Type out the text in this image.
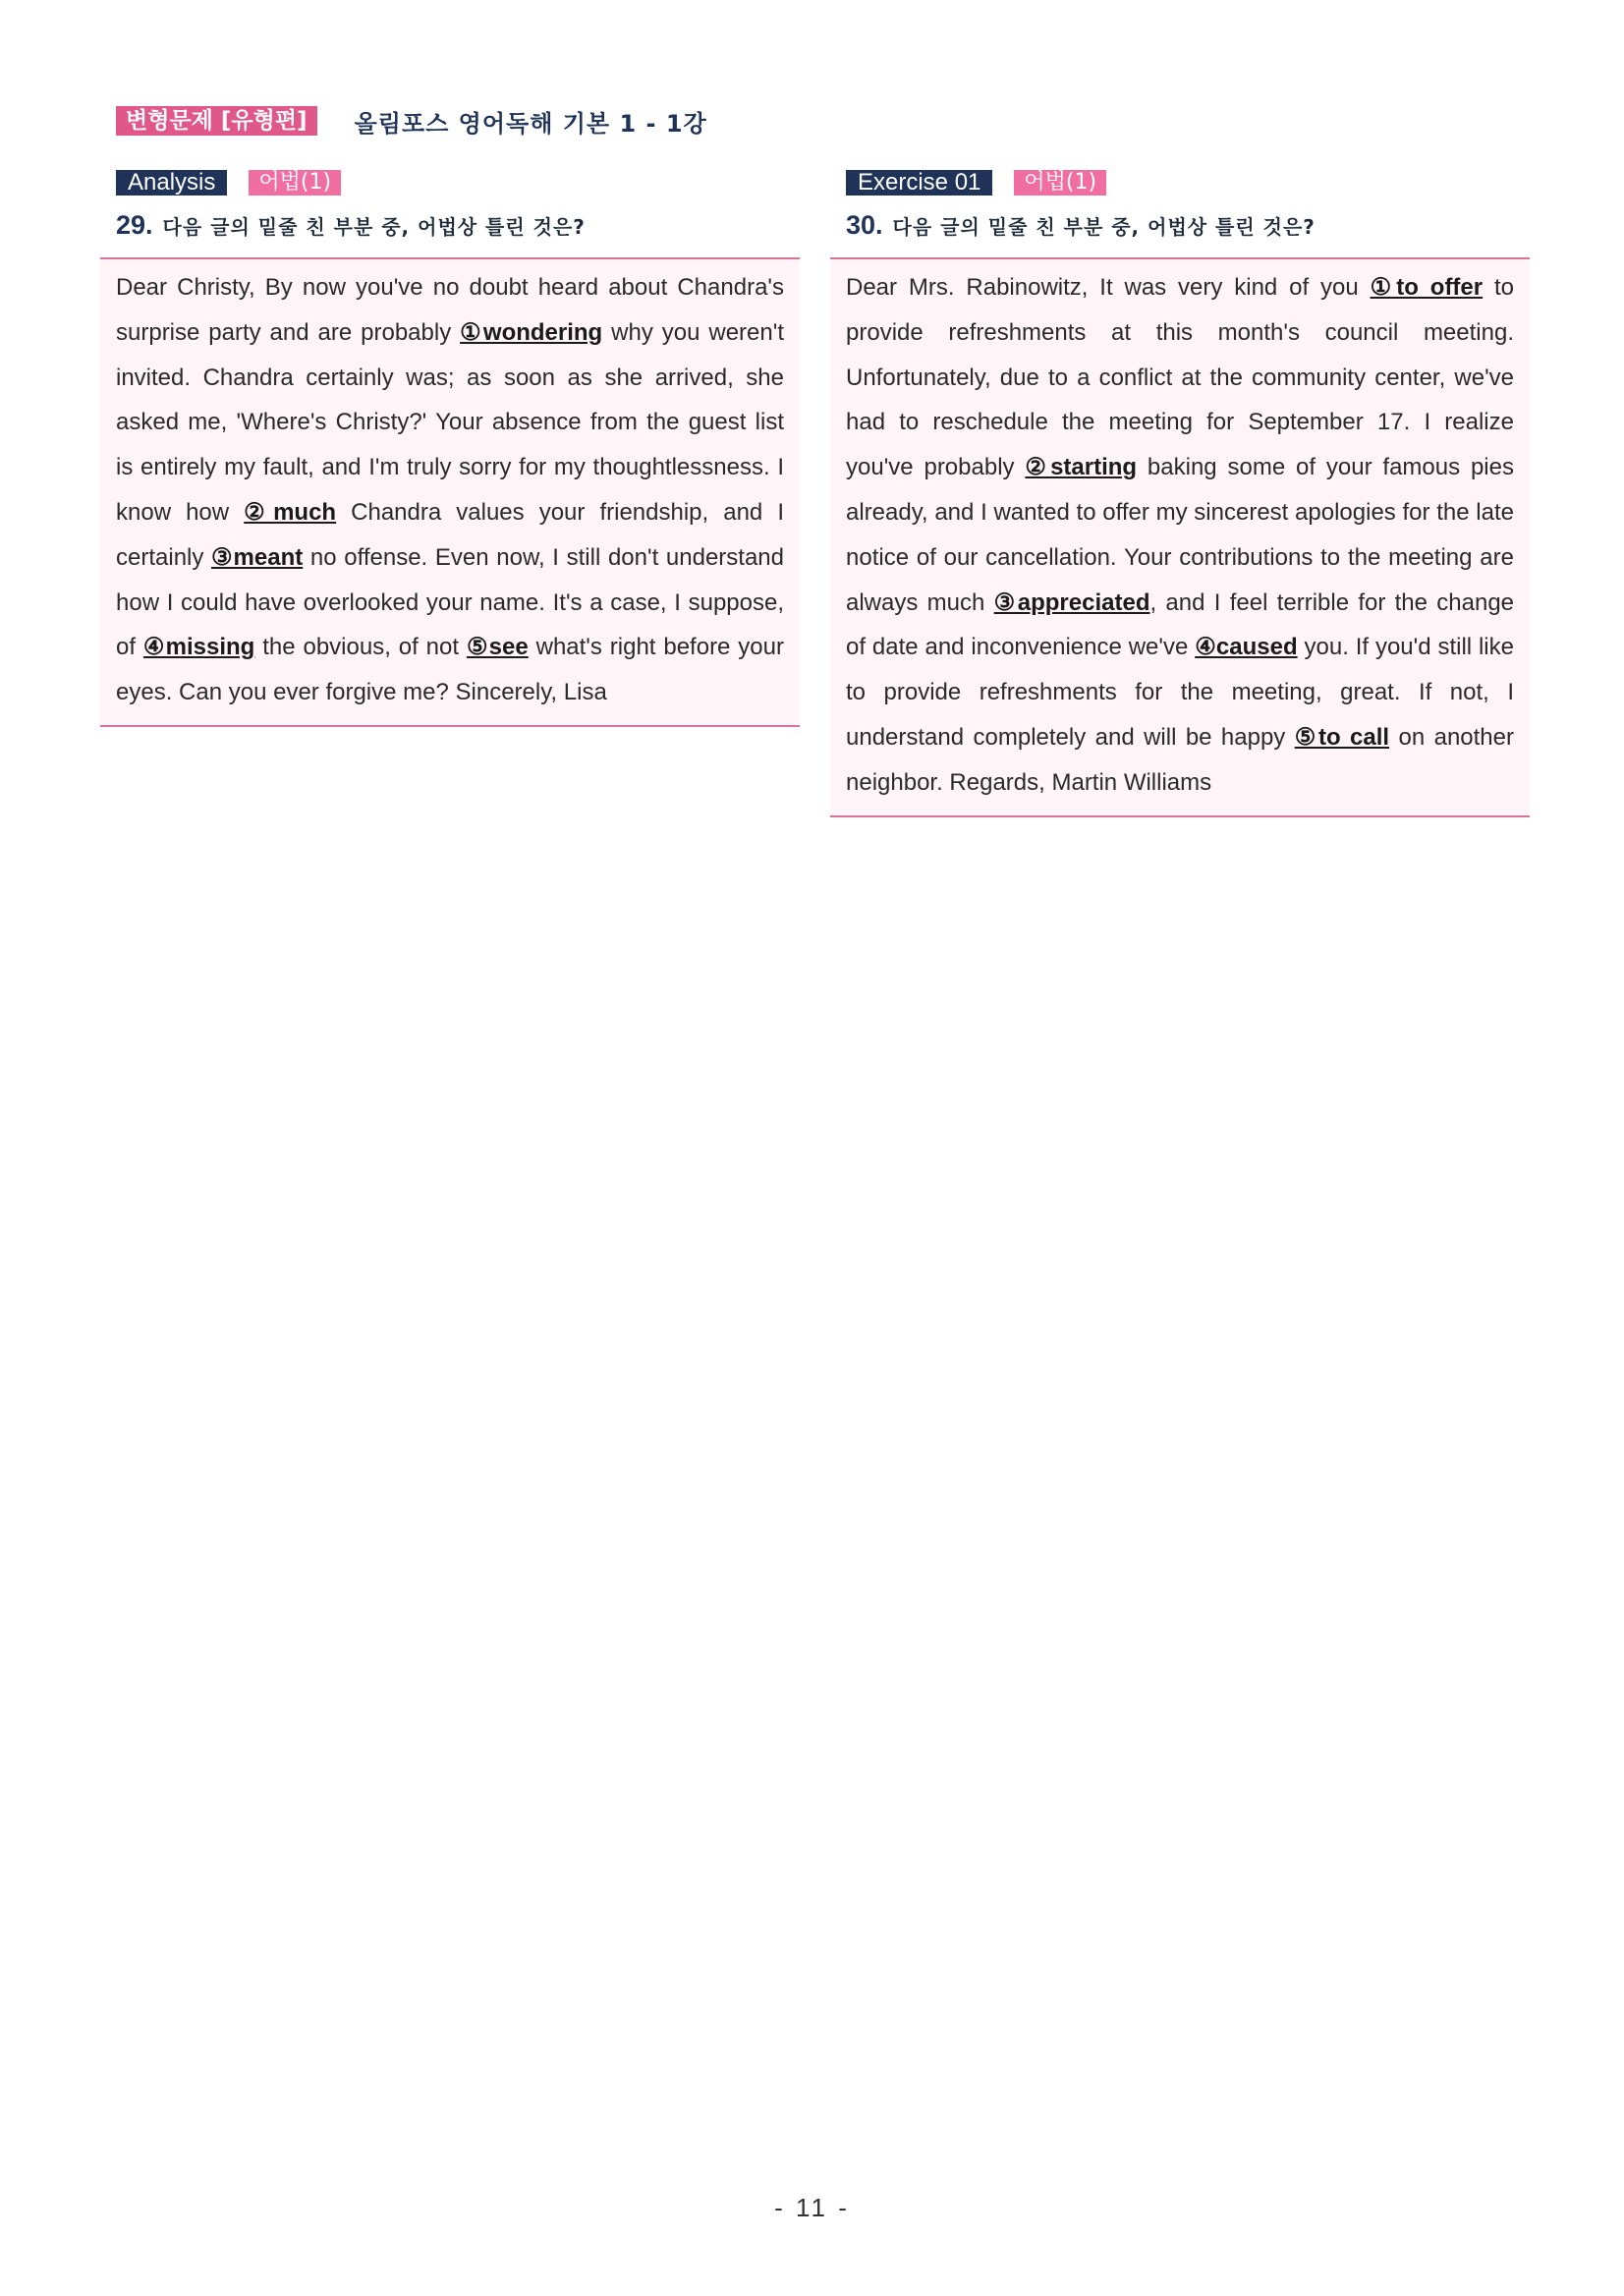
변형문제 [유형편]	올림포스 영어독해 기본 1 - 1강
Analysis	어법(1)
29. 다음 글의 밑줄 친 부분 중, 어법상 틀린 것은?

Dear Christy, By now you've no doubt heard about Chandra's surprise party and are probably ①wondering why you weren't invited. Chandra certainly was; as soon as she arrived, she asked me, 'Where's Christy?' Your absence from the guest list is entirely my fault, and I'm truly sorry for my thoughtlessness. I know how ②much Chandra values your friendship, and I certainly ③meant no offense. Even now, I still don't understand how I could have overlooked your name. It's a case, I suppose, of ④missing the obvious, of not ⑤see what's right before your eyes. Can you ever forgive me? Sincerely, Lisa

Exercise 01	어법(1)
30. 다음 글의 밑줄 친 부분 중, 어법상 틀린 것은?

Dear Mrs. Rabinowitz, It was very kind of you ①to offer to provide refreshments at this month's council meeting. Unfortunately, due to a conflict at the community center, we've had to reschedule the meeting for September 17. I realize you've probably ②starting baking some of your famous pies already, and I wanted to offer my sincerest apologies for the late notice of our cancellation. Your contributions to the meeting are always much ③appreciated, and I feel terrible for the change of date and inconvenience we've ④caused you. If you'd still like to provide refreshments for the meeting, great. If not, I understand completely and will be happy ⑤to call on another neighbor. Regards, Martin Williams

- 11 -
